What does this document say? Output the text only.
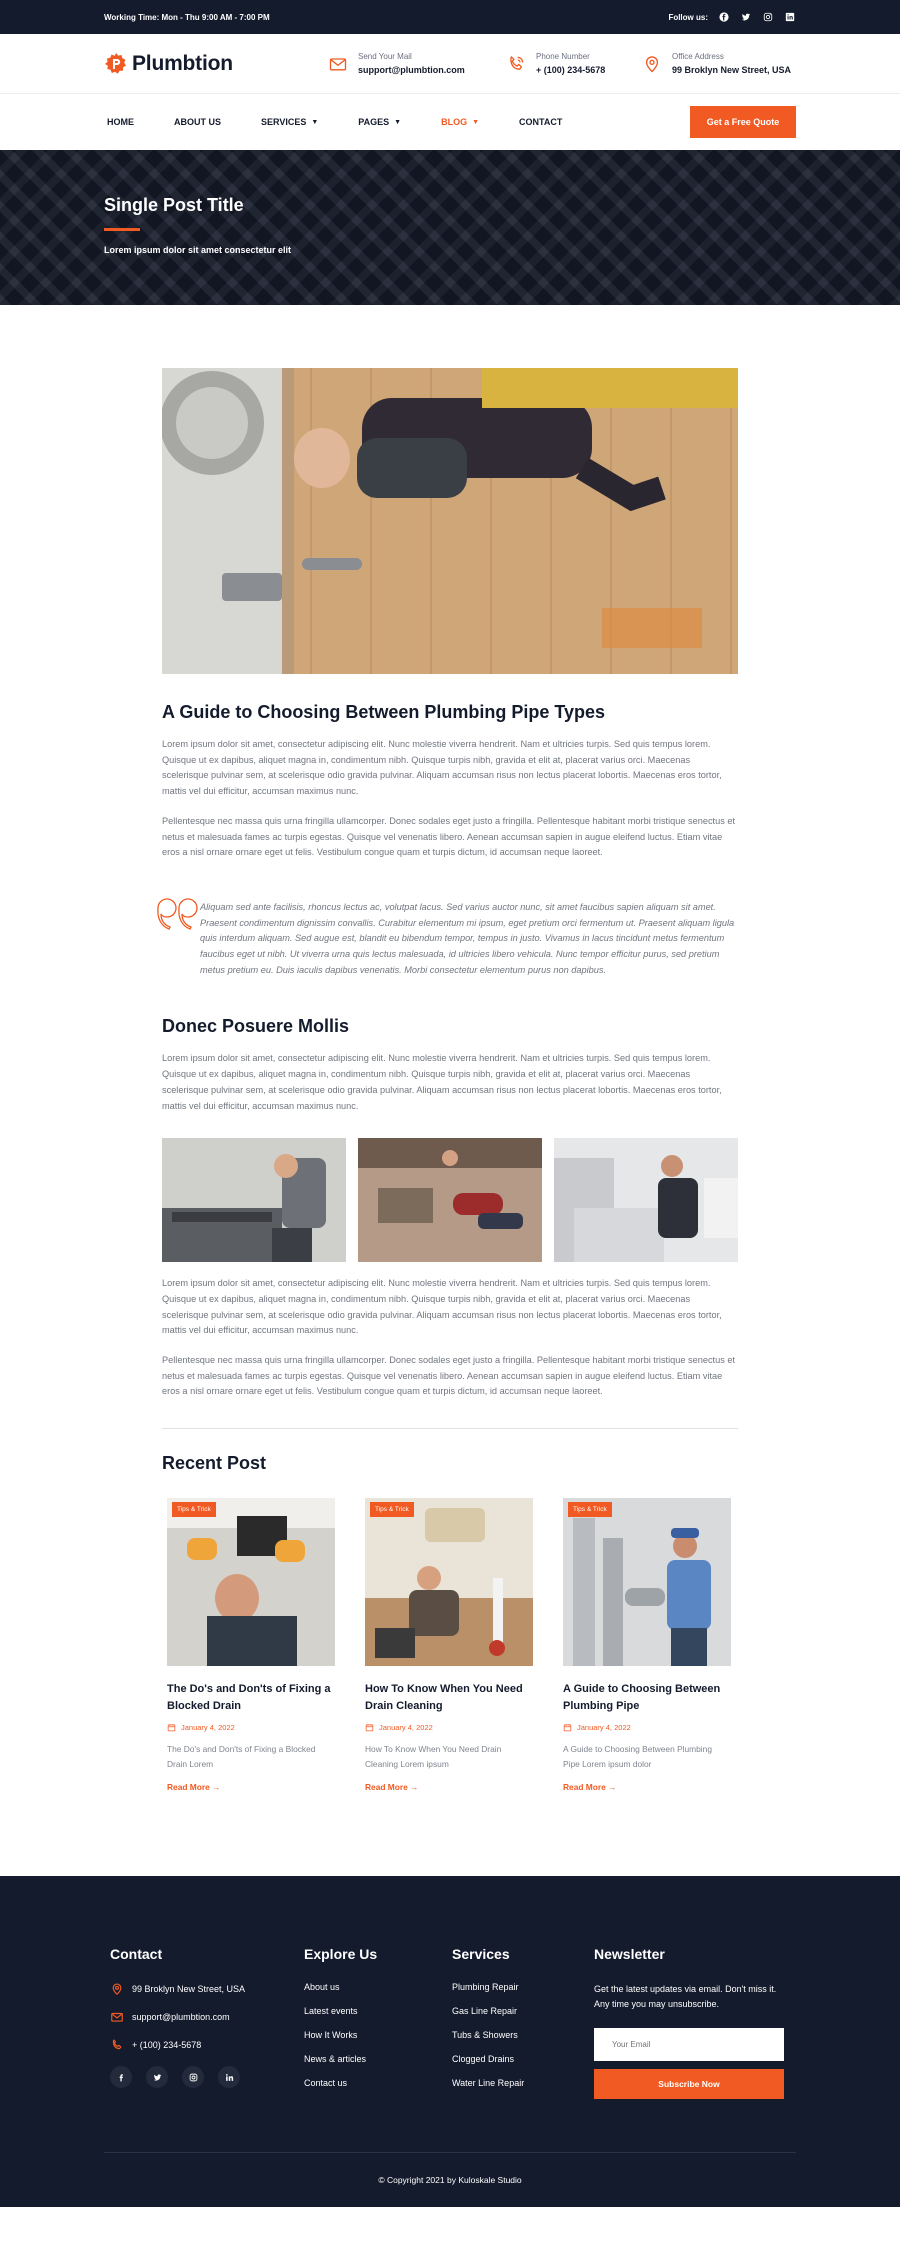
Working Time: Mon - Thu 9:00 AM - 7:00 PM	Follow us:
Plumbtion	Send Your Mail
support@plumbtion.com
Phone Number
+ (100) 234-5678
Office Address
99 Broklyn New Street, USA
HOME	ABOUT US	SERVICES ▼	PAGES ▼	BLOG ▼	CONTACT	Get a Free Quote
Single Post Title

Lorem ipsum dolor sit amet consectetur elit

A Guide to Choosing Between Plumbing Pipe Types

Lorem ipsum dolor sit amet, consectetur adipiscing elit. Nunc molestie viverra hendrerit. Nam et ultricies turpis. Sed quis tempus lorem. Quisque ut ex dapibus, aliquet magna in, condimentum nibh. Quisque turpis nibh, gravida et elit at, placerat varius orci. Maecenas scelerisque pulvinar sem, at scelerisque odio gravida pulvinar. Aliquam accumsan risus non lectus placerat lobortis. Maecenas eros tortor, mattis vel dui efficitur, accumsan maximus nunc.

Pellentesque nec massa quis urna fringilla ullamcorper. Donec sodales eget justo a fringilla. Pellentesque habitant morbi tristique senectus et netus et malesuada fames ac turpis egestas. Quisque vel venenatis libero. Aenean accumsan sapien in augue eleifend luctus. Etiam vitae eros a nisl ornare ornare eget ut felis. Vestibulum congue quam et turpis dictum, id accumsan neque laoreet.

Aliquam sed ante facilisis, rhoncus lectus ac, volutpat lacus. Sed varius auctor nunc, sit amet faucibus sapien aliquam sit amet. Praesent condimentum dignissim convallis. Curabitur elementum mi ipsum, eget pretium orci fermentum ut. Praesent aliquam ligula quis interdum aliquam. Sed augue est, blandit eu bibendum tempor, tempus in justo. Vivamus in lacus tincidunt metus fermentum faucibus eget ut nibh. Ut viverra urna quis lectus malesuada, id ultricies libero vehicula. Nunc tempor efficitur purus, sed pretium metus pretium eu. Duis iaculis dapibus venenatis. Morbi consectetur elementum purus non dapibus.

Donec Posuere Mollis

Lorem ipsum dolor sit amet, consectetur adipiscing elit. Nunc molestie viverra hendrerit. Nam et ultricies turpis. Sed quis tempus lorem. Quisque ut ex dapibus, aliquet magna in, condimentum nibh. Quisque turpis nibh, gravida et elit at, placerat varius orci. Maecenas scelerisque pulvinar sem, at scelerisque odio gravida pulvinar. Aliquam accumsan risus non lectus placerat lobortis. Maecenas eros tortor, mattis vel dui efficitur, accumsan maximus nunc.

Lorem ipsum dolor sit amet, consectetur adipiscing elit. Nunc molestie viverra hendrerit. Nam et ultricies turpis. Sed quis tempus lorem. Quisque ut ex dapibus, aliquet magna in, condimentum nibh. Quisque turpis nibh, gravida et elit at, placerat varius orci. Maecenas scelerisque pulvinar sem, at scelerisque odio gravida pulvinar. Aliquam accumsan risus non lectus placerat lobortis. Maecenas eros tortor, mattis vel dui efficitur, accumsan maximus nunc.

Pellentesque nec massa quis urna fringilla ullamcorper. Donec sodales eget justo a fringilla. Pellentesque habitant morbi tristique senectus et netus et malesuada fames ac turpis egestas. Quisque vel venenatis libero. Aenean accumsan sapien in augue eleifend luctus. Etiam vitae eros a nisl ornare ornare eget ut felis. Vestibulum congue quam et turpis dictum, id accumsan neque laoreet.

Recent Post
Tips & Trick
The Do's and Don'ts of Fixing a Blocked Drain
January 4, 2022

The Do's and Don'ts of Fixing a Blocked Drain Lorem

Read More →
Tips & Trick
How To Know When You Need Drain Cleaning
January 4, 2022

How To Know When You Need Drain Cleaning Lorem ipsum

Read More →
Tips & Trick
A Guide to Choosing Between Plumbing Pipe
January 4, 2022

A Guide to Choosing Between Plumbing Pipe Lorem ipsum dolor

Read More →
Contact
99 Broklyn New Street, USA
support@plumbtion.com
+ (100) 234-5678
Explore Us
About us
Latest events
How It Works
News & articles
Contact us
Services
Plumbing Repair
Gas Line Repair
Tubs & Showers
Clogged Drains
Water Line Repair
Newsletter

Get the latest updates via email. Don't miss it. Any time you may unsubscribe.

Your Email Subscribe Now
© Copyright 2021 by Kuloskale Studio
